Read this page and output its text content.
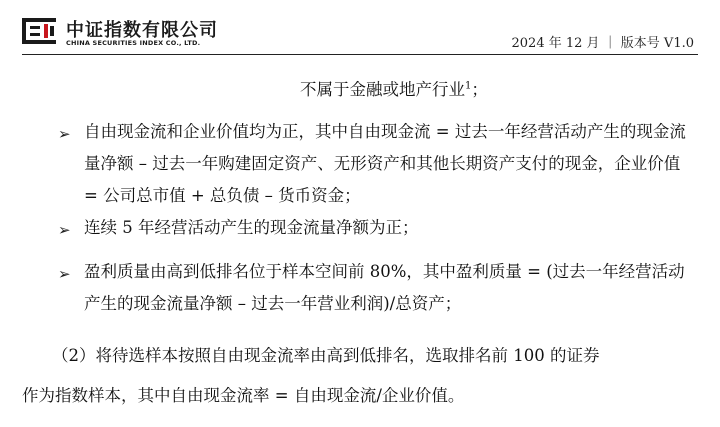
中证指数有限公司
CHINA SECURITIES INDEX CO., LTD.	2024 年 12 月 ｜ 版本号 V1.0
不属于金融或地产行业$^1$；
➢ 自由现金流和企业价值均为正，其中自由现金流 = 过去一年经营活动产生的现金流量净额 – 过去一年购建固定资产、无形资产和其他长期资产支付的现金，企业价值 = 公司总市值 + 总负债 – 货币资金；
➢ 连续 5 年经营活动产生的现金流量净额为正；
➢ 盈利质量由高到低排名位于样本空间前 80%，其中盈利质量 = (过去一年经营活动产生的现金流量净额 – 过去一年营业利润)/总资产；
（2）将待选样本按照自由现金流率由高到低排名，选取排名前 100 的证券
作为指数样本，其中自由现金流率 = 自由现金流/企业价值。
